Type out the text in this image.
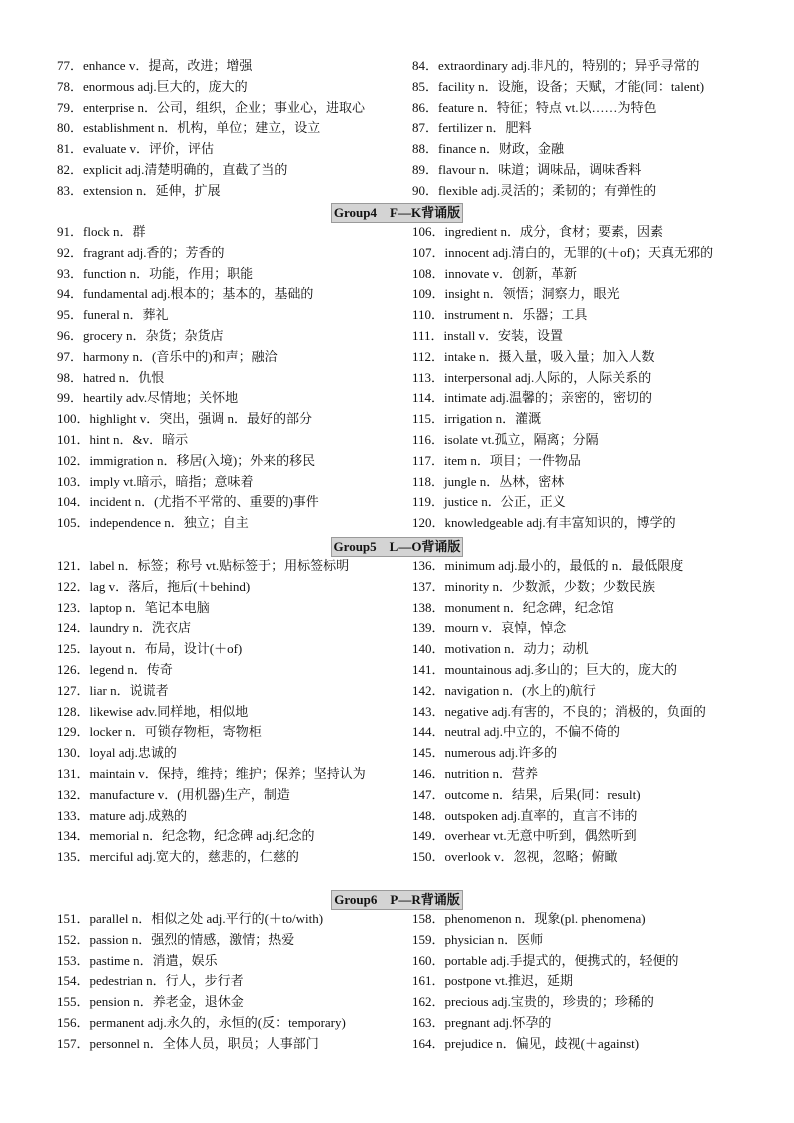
77．enhance v．提高，改进；增强
78．enormous adj.巨大的，庞大的
79．enterprise n．公司，组织，企业；事业心，进取心
80．establishment n．机构，单位；建立，设立
81．evaluate v．评价，评估
82．explicit adj.清楚明确的，直截了当的
83．extension n．延伸，扩展
84．extraordinary adj.非凡的，特别的；异乎寻常的
85．facility n．设施，设备；天赋，才能(同：talent)
86．feature n．特征；特点 vt.以……为特色
87．fertilizer n．肥料
88．finance n．财政，金融
89．flavour n．味道；调味品，调味香料
90．flexible adj.灵活的；柔韧的；有弹性的
Group4　F—K背诵版
91．flock n．群
92．fragrant adj.香的；芳香的
93．function n．功能，作用；职能
94．fundamental adj.根本的；基本的，基础的
95．funeral n．葬礼
96．grocery n．杂货；杂货店
97．harmony n．(音乐中的)和声；融洽
98．hatred n．仇恨
99．heartily adv.尽情地；关怀地
100．highlight v．突出，强调 n．最好的部分
101．hint n．&v．暗示
102．immigration n．移居(入境)；外来的移民
103．imply vt.暗示，暗指；意味着
104．incident n．(尤指不平常的、重要的)事件
105．independence n．独立；自主
106．ingredient n．成分，食材；要素，因素
107．innocent adj.清白的，无罪的(＋of)；天真无邪的
108．innovate v．创新，革新
109．insight n．领悟；洞察力，眼光
110．instrument n．乐器；工具
111．install v．安装，设置
112．intake n．摄入量，吸入量；加入人数
113．interpersonal adj.人际的，人际关系的
114．intimate adj.温馨的；亲密的，密切的
115．irrigation n．灌溉
116．isolate vt.孤立，隔离；分隔
117．item n．项目；一件物品
118．jungle n．丛林，密林
119．justice n．公正，正义
120．knowledgeable adj.有丰富知识的，博学的
Group5　L—O背诵版
121．label n．标签；称号 vt.贴标签于；用标签标明
122．lag v．落后，拖后(＋behind)
123．laptop n．笔记本电脑
124．laundry n．洗衣店
125．layout n．布局，设计(＋of)
126．legend n．传奇
127．liar n．说谎者
128．likewise adv.同样地，相似地
129．locker n．可锁存物柜，寄物柜
130．loyal adj.忠诚的
131．maintain v．保持，维持；维护；保养；坚持认为
132．manufacture v．(用机器)生产，制造
133．mature adj.成熟的
134．memorial n．纪念物，纪念碑 adj.纪念的
135．merciful adj.宽大的，慈悲的，仁慈的
136．minimum adj.最小的，最低的 n．最低限度
137．minority n．少数派，少数；少数民族
138．monument n．纪念碑，纪念馆
139．mourn v．哀悼，悼念
140．motivation n．动力；动机
141．mountainous adj.多山的；巨大的，庞大的
142．navigation n．(水上的)航行
143．negative adj.有害的，不良的；消极的，负面的
144．neutral adj.中立的，不偏不倚的
145．numerous adj.许多的
146．nutrition n．营养
147．outcome n．结果，后果(同：result)
148．outspoken adj.直率的，直言不讳的
149．overhear vt.无意中听到，偶然听到
150．overlook v．忽视，忽略；俯瞰
Group6　P—R背诵版
151．parallel n．相似之处 adj.平行的(＋to/with)
152．passion n．强烈的情感，激情；热爱
153．pastime n．消遣，娱乐
154．pedestrian n．行人，步行者
155．pension n．养老金，退休金
156．permanent adj.永久的，永恒的(反：temporary)
157．personnel n．全体人员，职员；人事部门
158．phenomenon n．现象(pl. phenomena)
159．physician n．医师
160．portable adj.手提式的，便携式的，轻便的
161．postpone vt.推迟，延期
162．precious adj.宝贵的，珍贵的；珍稀的
163．pregnant adj.怀孕的
164．prejudice n．偏见，歧视(＋against)
